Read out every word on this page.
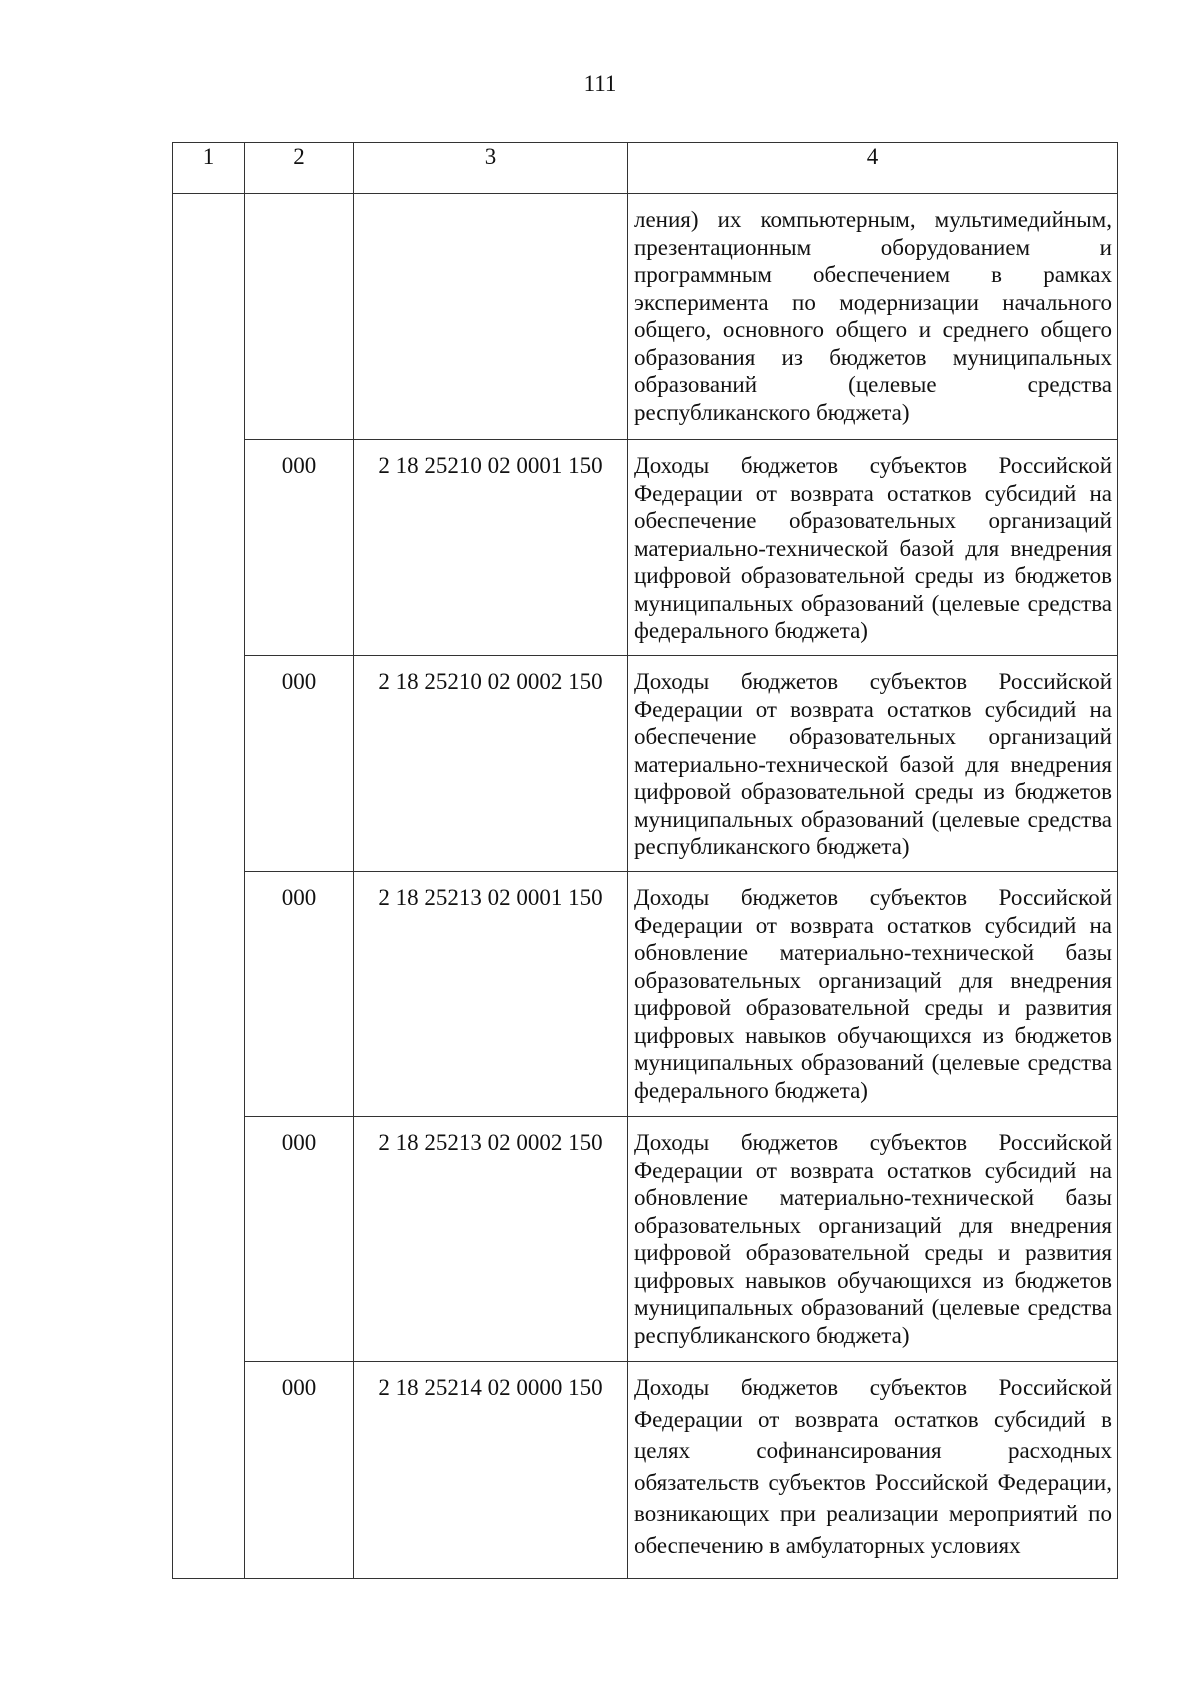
111
1	2	3	4
			ления) их компьютерным, мультимедийным, презентационным оборудованием и программным обеспечением в рамках эксперимента по модернизации начального общего, основного общего и среднего общего образования из бюджетов муниципальных образований (целевые средства республиканского бюджета)
	000	2 18 25210 02 0001 150	Доходы бюджетов субъектов Российской Федерации от возврата остатков субсидий на обеспечение образовательных организаций материально-технической базой для внедрения цифровой образовательной среды из бюджетов муниципальных образований (целевые средства федерального бюджета)
	000	2 18 25210 02 0002 150	Доходы бюджетов субъектов Российской Федерации от возврата остатков субсидий на обеспечение образовательных организаций материально-технической базой для внедрения цифровой образовательной среды из бюджетов муниципальных образований (целевые средства республиканского бюджета)
	000	2 18 25213 02 0001 150	Доходы бюджетов субъектов Российской Федерации от возврата остатков субсидий на обновление материально-технической базы образовательных организаций для внедрения цифровой образовательной среды и развития цифровых навыков обучающихся из бюджетов муниципальных образований (целевые средства федерального бюджета)
	000	2 18 25213 02 0002 150	Доходы бюджетов субъектов Российской Федерации от возврата остатков субсидий на обновление материально-технической базы образовательных организаций для внедрения цифровой образовательной среды и развития цифровых навыков обучающихся из бюджетов муниципальных образований (целевые средства республиканского бюджета)
	000	2 18 25214 02 0000 150	Доходы бюджетов субъектов Российской Федерации от возврата остатков субсидий в целях софинансирования расходных обязательств субъектов Российской Федерации, возникающих при реализации мероприятий по обеспечению в амбулаторных условиях
